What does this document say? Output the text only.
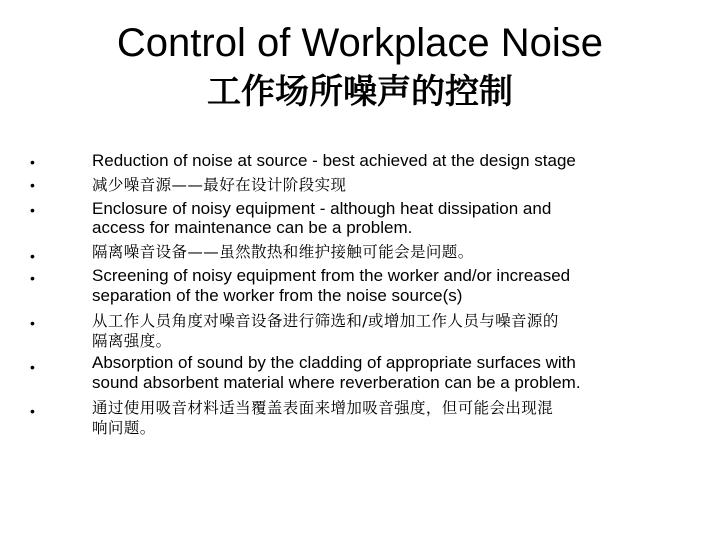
Control of Workplace Noise
工作场所噪声的控制
•
•
•
•
•
•
•
•
Reduction of noise at source - best achieved at the design stage
减少噪音源——最好在设计阶段实现
Enclosure of noisy equipment - although heat dissipation and
access for maintenance can be a problem.
隔离噪音设备——虽然散热和维护接触可能会是问题。
Screening of noisy equipment from the worker and/or increased
separation of the worker from the noise source(s)
从工作人员角度对噪音设备进行筛选和/或增加工作人员与噪音源的
隔离强度。
Absorption of sound by the cladding of appropriate surfaces with
sound absorbent material where reverberation can be a problem.
通过使用吸音材料适当覆盖表面来增加吸音强度，但可能会出现混
响问题。
